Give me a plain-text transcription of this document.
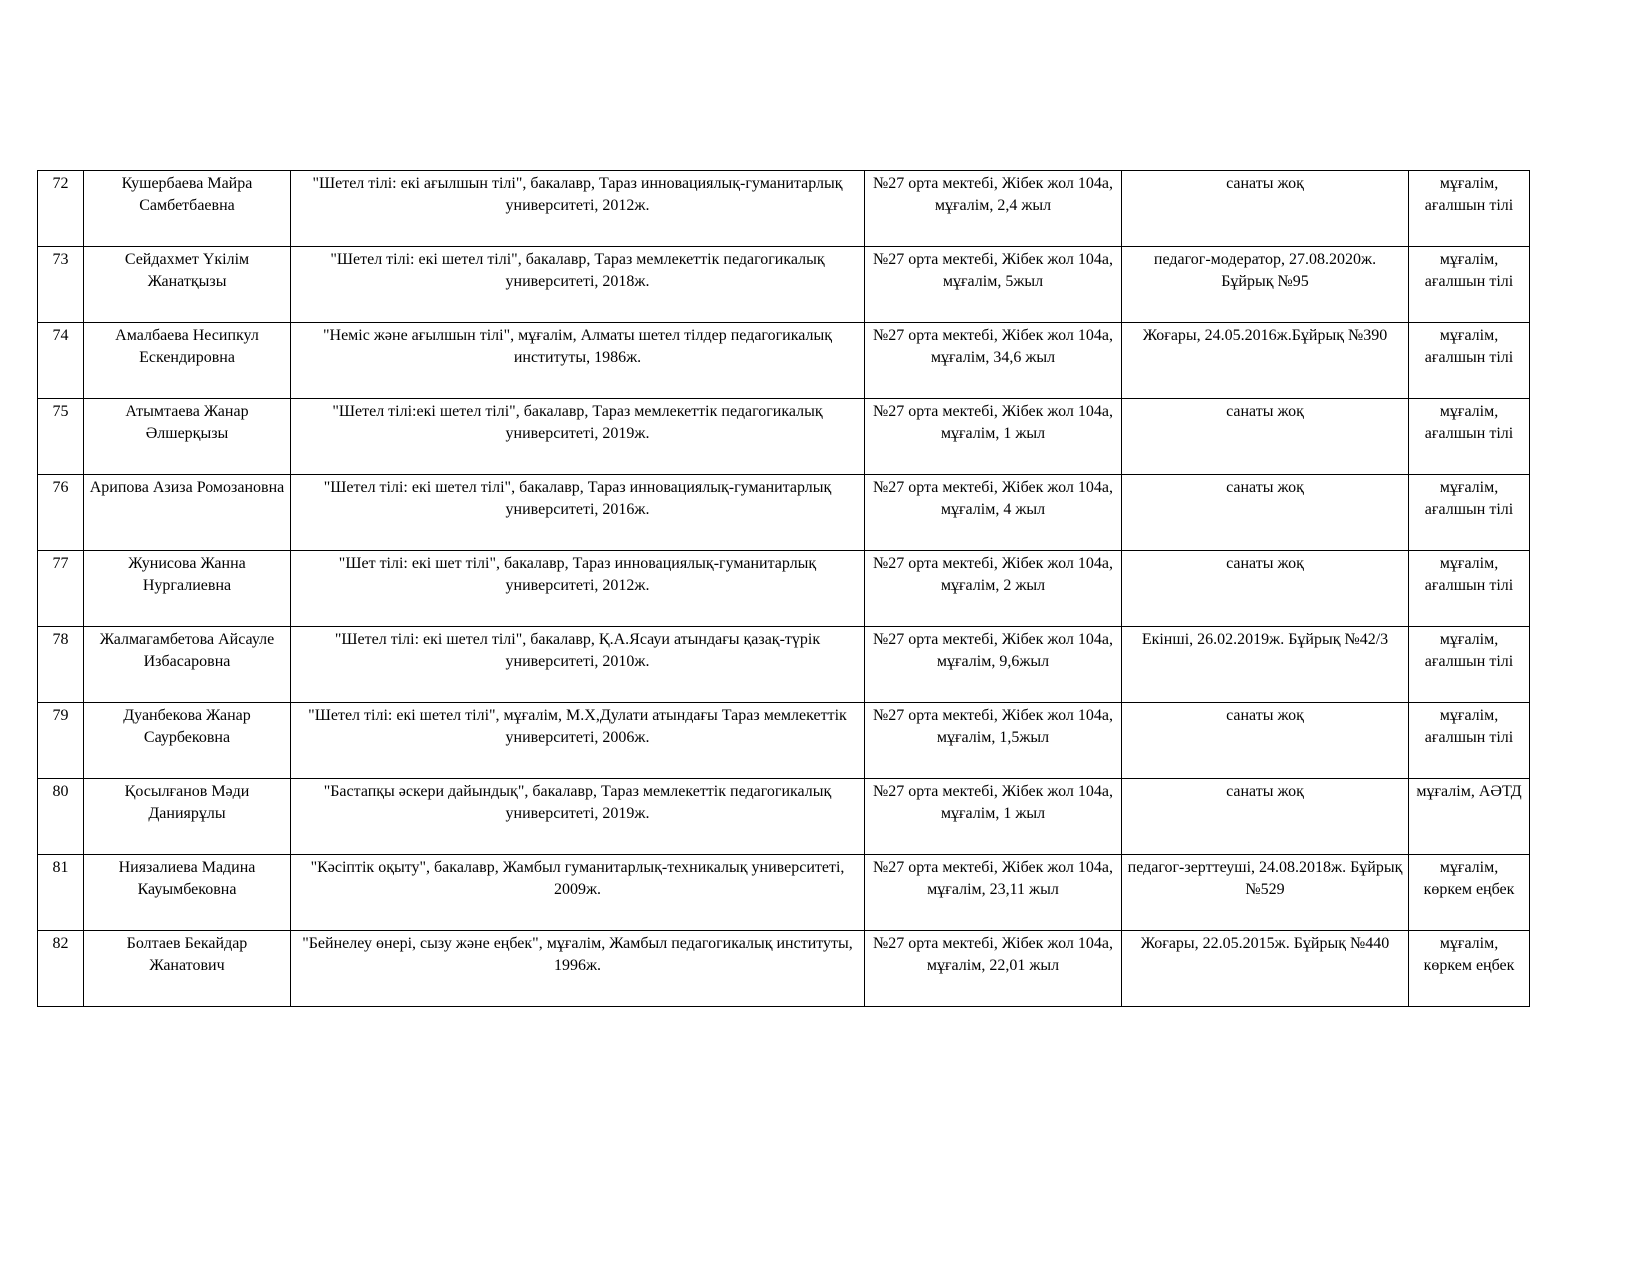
72	Кушербаева Майра Самбетбаевна	"Шетел тілі: екі ағылшын тілі", бакалавр, Тараз инновациялық-гуманитарлық университеті, 2012ж.	№27 орта мектебі, Жібек жол 104а, мұғалім, 2,4 жыл	санаты жоқ	мұғалім, ағалшын тілі
73	Сейдахмет Үкілім Жанатқызы	"Шетел тілі: екі шетел тілі", бакалавр, Тараз мемлекеттік педагогикалық университеті, 2018ж.	№27 орта мектебі, Жібек жол 104а, мұғалім, 5жыл	педагог-модератор, 27.08.2020ж. Бұйрық №95	мұғалім, ағалшын тілі
74	Амалбаева Несипкул Ескендировна	"Неміс және ағылшын тілі", мұғалім, Алматы шетел тілдер педагогикалық институты, 1986ж.	№27 орта мектебі, Жібек жол 104а, мұғалім, 34,6 жыл	Жоғары, 24.05.2016ж.Бұйрық №390	мұғалім, ағалшын тілі
75	Атымтаева Жанар Әлшерқызы	"Шетел тілі:екі шетел тілі", бакалавр, Тараз мемлекеттік педагогикалық университеті, 2019ж.	№27 орта мектебі, Жібек жол 104а, мұғалім, 1 жыл	санаты жоқ	мұғалім, ағалшын тілі
76	Арипова Азиза Ромозановна	"Шетел тілі: екі шетел тілі", бакалавр, Тараз инновациялық-гуманитарлық университеті, 2016ж.	№27 орта мектебі, Жібек жол 104а, мұғалім, 4 жыл	санаты жоқ	мұғалім, ағалшын тілі
77	Жунисова Жанна Нургалиевна	"Шет тілі: екі шет тілі", бакалавр, Тараз инновациялық-гуманитарлық университеті, 2012ж.	№27 орта мектебі, Жібек жол 104а, мұғалім, 2 жыл	санаты жоқ	мұғалім, ағалшын тілі
78	Жалмагамбетова Айсауле Избасаровна	"Шетел тілі: екі шетел тілі", бакалавр, Қ.А.Ясауи атындағы қазақ-түрік университеті, 2010ж.	№27 орта мектебі, Жібек жол 104а, мұғалім, 9,6жыл	Екінші, 26.02.2019ж. Бұйрық №42/3	мұғалім, ағалшын тілі
79	Дуанбекова Жанар Саурбековна	"Шетел тілі: екі шетел тілі", мұғалім, М.Х,Дулати атындағы Тараз мемлекеттік университеті, 2006ж.	№27 орта мектебі, Жібек жол 104а, мұғалім, 1,5жыл	санаты жоқ	мұғалім, ағалшын тілі
80	Қосылғанов Мәди Даниярұлы	"Бастапқы әскери дайындық", бакалавр, Тараз мемлекеттік педагогикалық университеті, 2019ж.	№27 орта мектебі, Жібек жол 104а, мұғалім, 1 жыл	санаты жоқ	мұғалім, АӘТД
81	Ниязалиева Мадина Кауымбековна	"Кәсіптік оқыту", бакалавр, Жамбыл гуманитарлық-техникалық университеті, 2009ж.	№27 орта мектебі, Жібек жол 104а, мұғалім, 23,11 жыл	педагог-зерттеуші, 24.08.2018ж. Бұйрық №529	мұғалім, көркем еңбек
82	Болтаев Бекайдар Жанатович	"Бейнелеу өнері, сызу және еңбек", мұғалім, Жамбыл педагогикалық институты, 1996ж.	№27 орта мектебі, Жібек жол 104а, мұғалім, 22,01 жыл	Жоғары, 22.05.2015ж. Бұйрық №440	мұғалім, көркем еңбек
